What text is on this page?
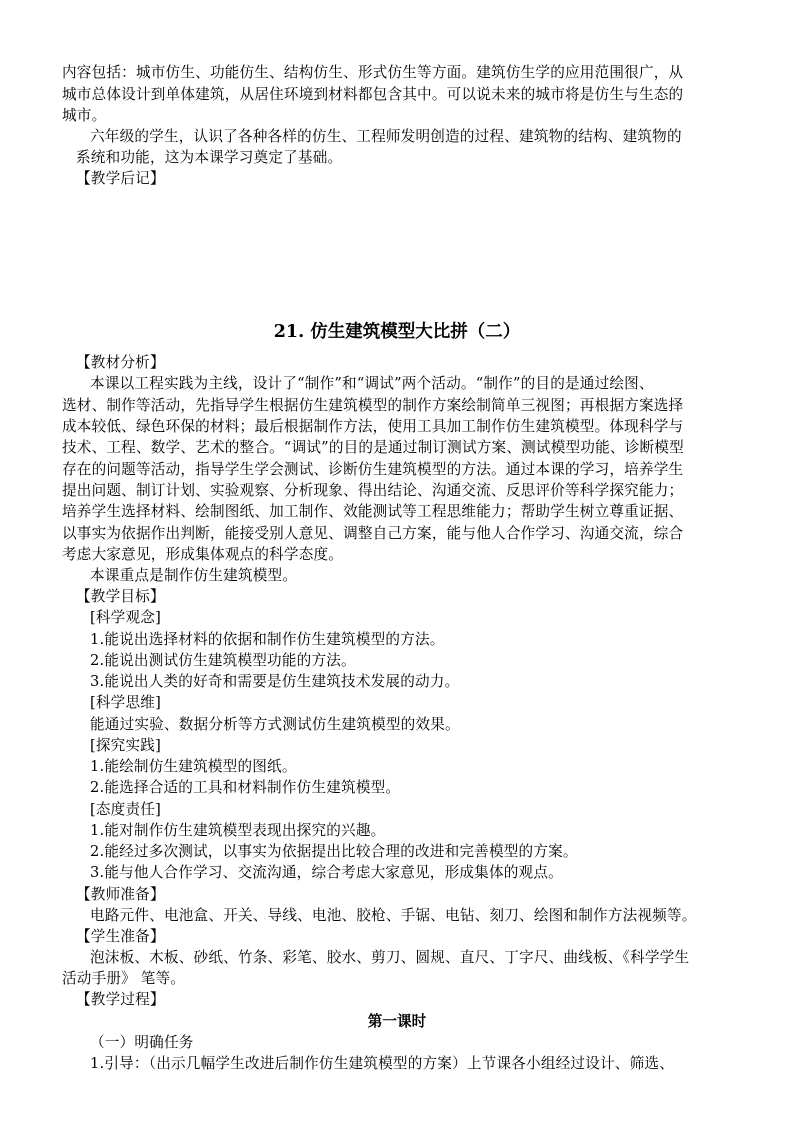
内容包括：城市仿生、功能仿生、结构仿生、形式仿生等方面。建筑仿生学的应用范围很广，从
城市总体设计到单体建筑，从居住环境到材料都包含其中。可以说未来的城市将是仿生与生态的
城市。
六年级的学生，认识了各种各样的仿生、工程师发明创造的过程、建筑物的结构、建筑物的
系统和功能，这为本课学习奠定了基础。
【教学后记】
21. 仿生建筑模型大比拼（二）
【教材分析】
本课以工程实践为主线，设计了“制作”和“调试”两个活动。“制作”的目的是通过绘图、
选材、制作等活动，先指导学生根据仿生建筑模型的制作方案绘制简单三视图；再根据方案选择
成本较低、绿色环保的材料；最后根据制作方法，使用工具加工制作仿生建筑模型。体现科学与
技术、工程、数学、艺术的整合。“调试”的目的是通过制订测试方案、测试模型功能、诊断模型
存在的问题等活动，指导学生学会测试、诊断仿生建筑模型的方法。通过本课的学习，培养学生
提出问题、制订计划、实验观察、分析现象、得出结论、沟通交流、反思评价等科学探究能力；
培养学生选择材料、绘制图纸、加工制作、效能测试等工程思维能力；帮助学生树立尊重证据、
以事实为依据作出判断，能接受别人意见、调整自己方案，能与他人合作学习、沟通交流，综合
考虑大家意见，形成集体观点的科学态度。
本课重点是制作仿生建筑模型。
【教学目标】
[科学观念]
1.能说出选择材料的依据和制作仿生建筑模型的方法。
2.能说出测试仿生建筑模型功能的方法。
3.能说出人类的好奇和需要是仿生建筑技术发展的动力。
[科学思维]
能通过实验、数据分析等方式测试仿生建筑模型的效果。
[探究实践]
1.能绘制仿生建筑模型的图纸。
2.能选择合适的工具和材料制作仿生建筑模型。
[态度责任]
1.能对制作仿生建筑模型表现出探究的兴趣。
2.能经过多次测试，以事实为依据提出比较合理的改进和完善模型的方案。
3.能与他人合作学习、交流沟通，综合考虑大家意见，形成集体的观点。
【教师准备】
电路元件、电池盒、开关、导线、电池、胶枪、手锯、电钻、刻刀、绘图和制作方法视频等。
【学生准备】
泡沫板、木板、砂纸、竹条、彩笔、胶水、剪刀、圆规、直尺、丁字尺、曲线板、《科学学生
活动手册》 笔等。
【教学过程】
第一课时
（一）明确任务
1.引导：（出示几幅学生改进后制作仿生建筑模型的方案）上节课各小组经过设计、筛选、
